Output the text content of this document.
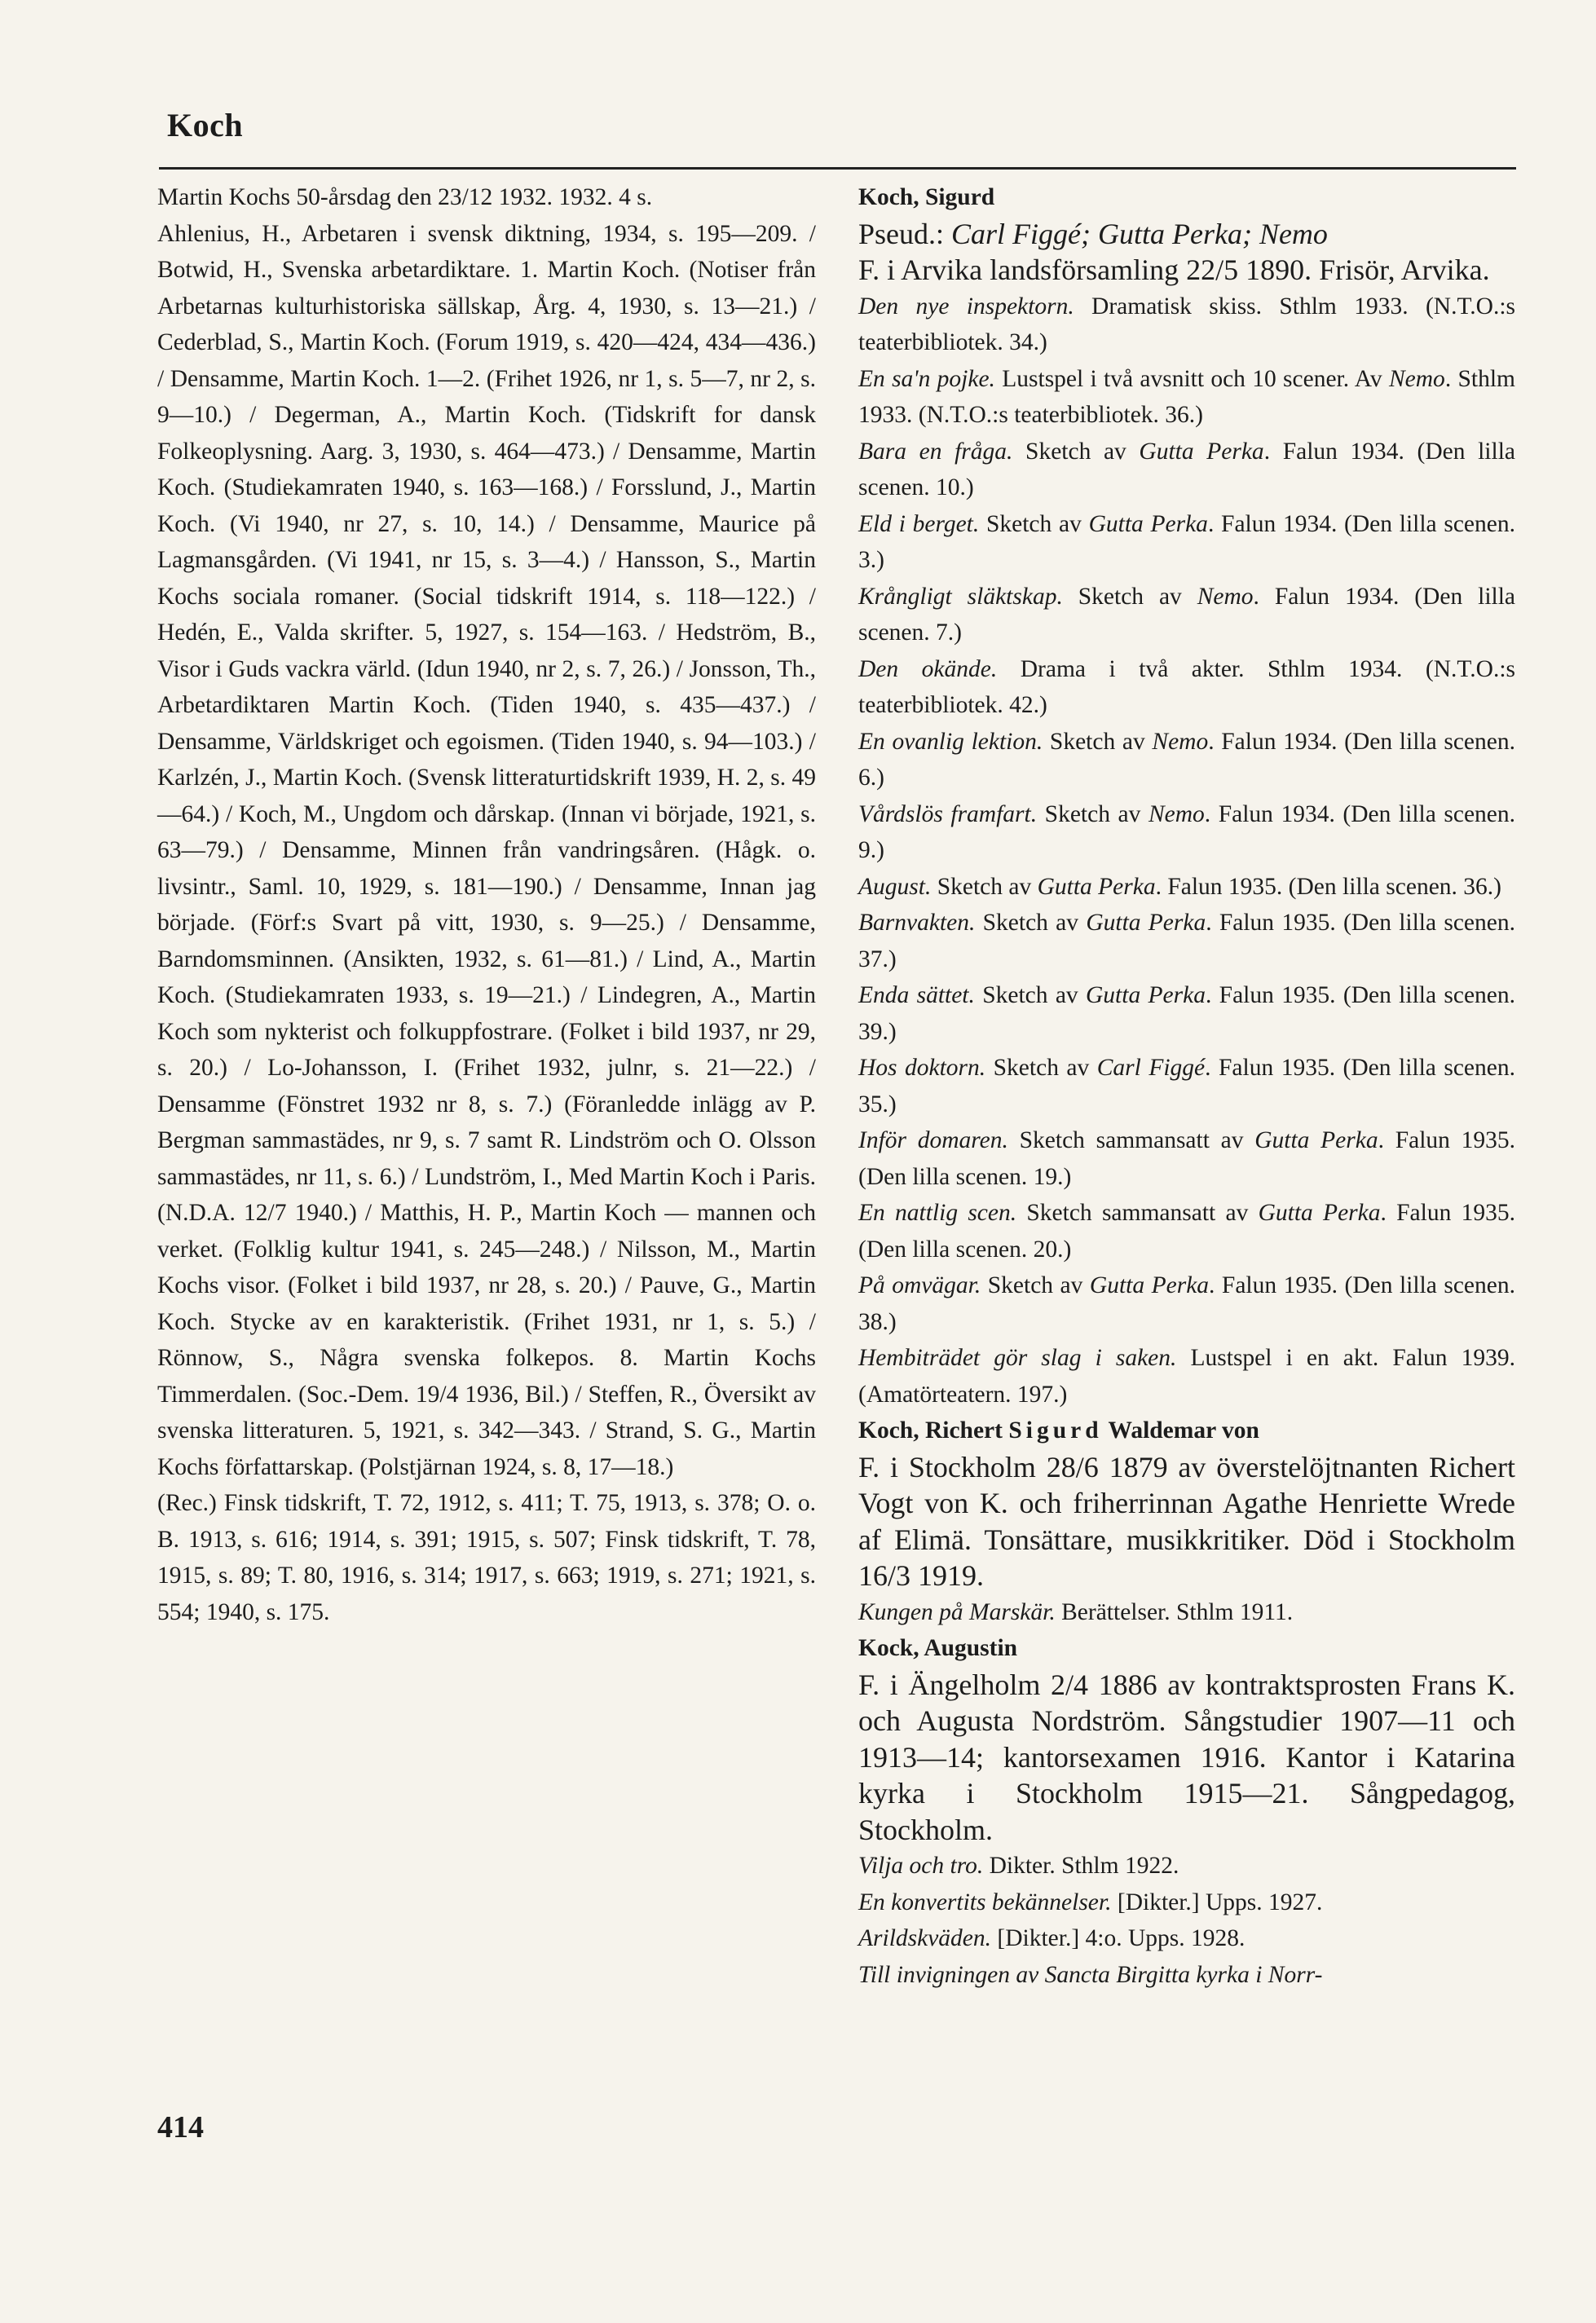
Koch

Martin Kochs 50-årsdag den 23/12 1932. 1932. 4 s.

Ahlenius, H., Arbetaren i svensk diktning, 1934, s. 195—209. / Botwid, H., Svenska arbetardiktare. 1. Martin Koch. (Notiser från Arbetarnas kulturhistoriska sällskap, Årg. 4, 1930, s. 13—21.) / Cederblad, S., Martin Koch. (Forum 1919, s. 420—424, 434—436.) / Densamme, Martin Koch. 1—2. (Frihet 1926, nr 1, s. 5—7, nr 2, s. 9—10.) / Degerman, A., Martin Koch. (Tidskrift for dansk Folkeoplysning. Aarg. 3, 1930, s. 464—473.) / Densamme, Martin Koch. (Studiekamraten 1940, s. 163—168.) / Forsslund, J., Martin Koch. (Vi 1940, nr 27, s. 10, 14.) / Densamme, Maurice på Lagmansgården. (Vi 1941, nr 15, s. 3—4.) / Hansson, S., Martin Kochs sociala romaner. (Social tidskrift 1914, s. 118—122.) / Hedén, E., Valda skrifter. 5, 1927, s. 154—163. / Hedström, B., Visor i Guds vackra värld. (Idun 1940, nr 2, s. 7, 26.) / Jonsson, Th., Arbetardiktaren Martin Koch. (Tiden 1940, s. 435—437.) / Densamme, Världskriget och egoismen. (Tiden 1940, s. 94—103.) / Karlzén, J., Martin Koch. (Svensk litteraturtidskrift 1939, H. 2, s. 49—64.) / Koch, M., Ungdom och dårskap. (Innan vi började, 1921, s. 63—79.) / Densamme, Minnen från vandringsåren. (Hågk. o. livsintr., Saml. 10, 1929, s. 181—190.) / Densamme, Innan jag började. (Förf:s Svart på vitt, 1930, s. 9—25.) / Densamme, Barndomsminnen. (Ansikten, 1932, s. 61—81.) / Lind, A., Martin Koch. (Studiekamraten 1933, s. 19—21.) / Lindegren, A., Martin Koch som nykterist och folkuppfostrare. (Folket i bild 1937, nr 29, s. 20.) / Lo-Johansson, I. (Frihet 1932, julnr, s. 21—22.) / Densamme (Fönstret 1932 nr 8, s. 7.) (Föranledde inlägg av P. Bergman sammastädes, nr 9, s. 7 samt R. Lindström och O. Olsson sammastädes, nr 11, s. 6.) / Lundström, I., Med Martin Koch i Paris. (N.D.A. 12/7 1940.) / Matthis, H. P., Martin Koch — mannen och verket. (Folklig kultur 1941, s. 245—248.) / Nilsson, M., Martin Kochs visor. (Folket i bild 1937, nr 28, s. 20.) / Pauve, G., Martin Koch. Stycke av en karakteristik. (Frihet 1931, nr 1, s. 5.) / Rönnow, S., Några svenska folkepos. 8. Martin Kochs Timmerdalen. (Soc.-Dem. 19/4 1936, Bil.) / Steffen, R., Översikt av svenska litteraturen. 5, 1921, s. 342—343. / Strand, S. G., Martin Kochs författarskap. (Polstjärnan 1924, s. 8, 17—18.)

(Rec.) Finsk tidskrift, T. 72, 1912, s. 411; T. 75, 1913, s. 378; O. o. B. 1913, s. 616; 1914, s. 391; 1915, s. 507; Finsk tidskrift, T. 78, 1915, s. 89; T. 80, 1916, s. 314; 1917, s. 663; 1919, s. 271; 1921, s. 554; 1940, s. 175.

Koch, Sigurd

Pseud.: Carl Figgé; Gutta Perka; Nemo

F. i Arvika landsförsamling 22/5 1890. Frisör, Arvika.

Den nye inspektorn. Dramatisk skiss. Sthlm 1933. (N.T.O.:s teaterbibliotek. 34.)

En sa'n pojke. Lustspel i två avsnitt och 10 scener. Av Nemo. Sthlm 1933. (N.T.O.:s teaterbibliotek. 36.)

Bara en fråga. Sketch av Gutta Perka. Falun 1934. (Den lilla scenen. 10.)

Eld i berget. Sketch av Gutta Perka. Falun 1934. (Den lilla scenen. 3.)

Krångligt släktskap. Sketch av Nemo. Falun 1934. (Den lilla scenen. 7.)

Den okände. Drama i två akter. Sthlm 1934. (N.T.O.:s teaterbibliotek. 42.)

En ovanlig lektion. Sketch av Nemo. Falun 1934. (Den lilla scenen. 6.)

Vårdslös framfart. Sketch av Nemo. Falun 1934. (Den lilla scenen. 9.)

August. Sketch av Gutta Perka. Falun 1935. (Den lilla scenen. 36.)

Barnvakten. Sketch av Gutta Perka. Falun 1935. (Den lilla scenen. 37.)

Enda sättet. Sketch av Gutta Perka. Falun 1935. (Den lilla scenen. 39.)

Hos doktorn. Sketch av Carl Figgé. Falun 1935. (Den lilla scenen. 35.)

Inför domaren. Sketch sammansatt av Gutta Perka. Falun 1935. (Den lilla scenen. 19.)

En nattlig scen. Sketch sammansatt av Gutta Perka. Falun 1935. (Den lilla scenen. 20.)

På omvägar. Sketch av Gutta Perka. Falun 1935. (Den lilla scenen. 38.)

Hembiträdet gör slag i saken. Lustspel i en akt. Falun 1939. (Amatörteatern. 197.)

Koch, Richert Sigurd Waldemar von

F. i Stockholm 28/6 1879 av överstelöjtnanten Richert Vogt von K. och friherrinnan Agathe Henriette Wrede af Elimä. Tonsättare, musikkritiker. Död i Stockholm 16/3 1919.

Kungen på Marskär. Berättelser. Sthlm 1911.

Kock, Augustin

F. i Ängelholm 2/4 1886 av kontraktsprosten Frans K. och Augusta Nordström. Sångstudier 1907—11 och 1913—14; kantorsexamen 1916. Kantor i Katarina kyrka i Stockholm 1915—21. Sångpedagog, Stockholm.

Vilja och tro. Dikter. Sthlm 1922.

En konvertits bekännelser. [Dikter.] Upps. 1927.

Arildskväden. [Dikter.] 4:o. Upps. 1928.

Till invigningen av Sancta Birgitta kyrka i Norr-

414
